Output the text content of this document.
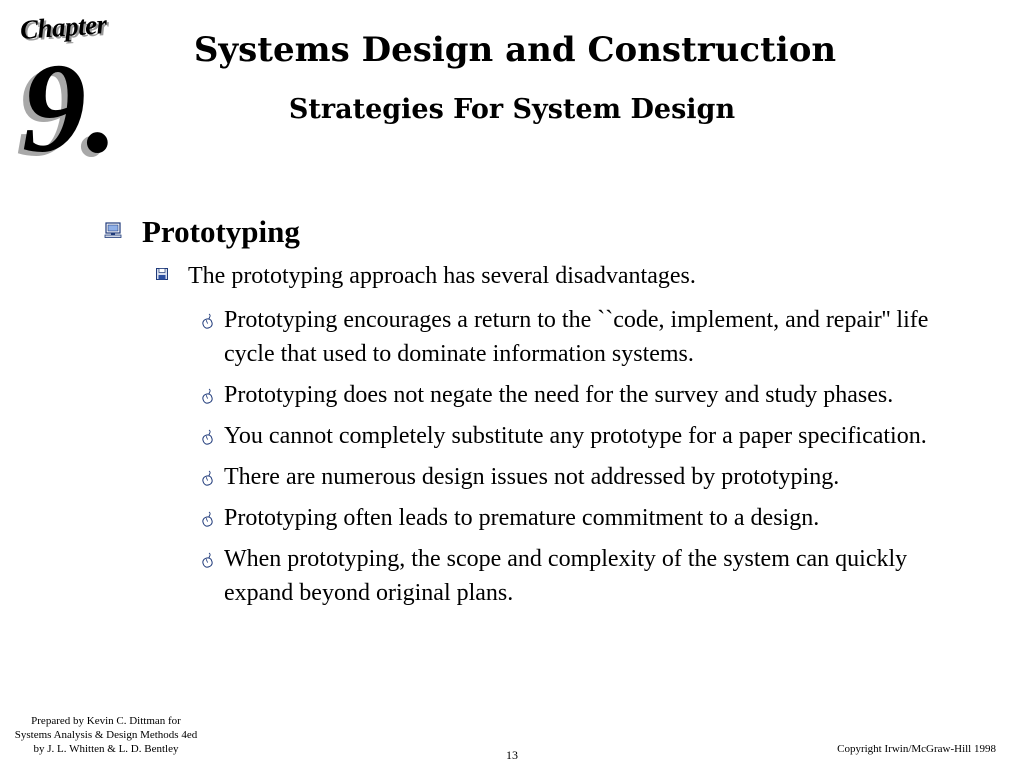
Chapter
9.	Systems Design and Construction
Strategies For System Design
Prototyping
The prototyping approach has several disadvantages.
Prototyping encourages a return to the ``code, implement, and repair'' life cycle that used to dominate information systems.
Prototyping does not negate the need for the survey and study phases.
You cannot completely substitute any prototype for a paper specification.
There are numerous design issues not addressed by prototyping.
Prototyping often leads to premature commitment to a design.
When prototyping, the scope and complexity of the system can quickly expand beyond original plans.
Prepared by Kevin C. Dittman for
Systems Analysis & Design Methods 4ed
by J. L. Whitten & L. D. Bentley	13	Copyright Irwin/McGraw-Hill 1998
